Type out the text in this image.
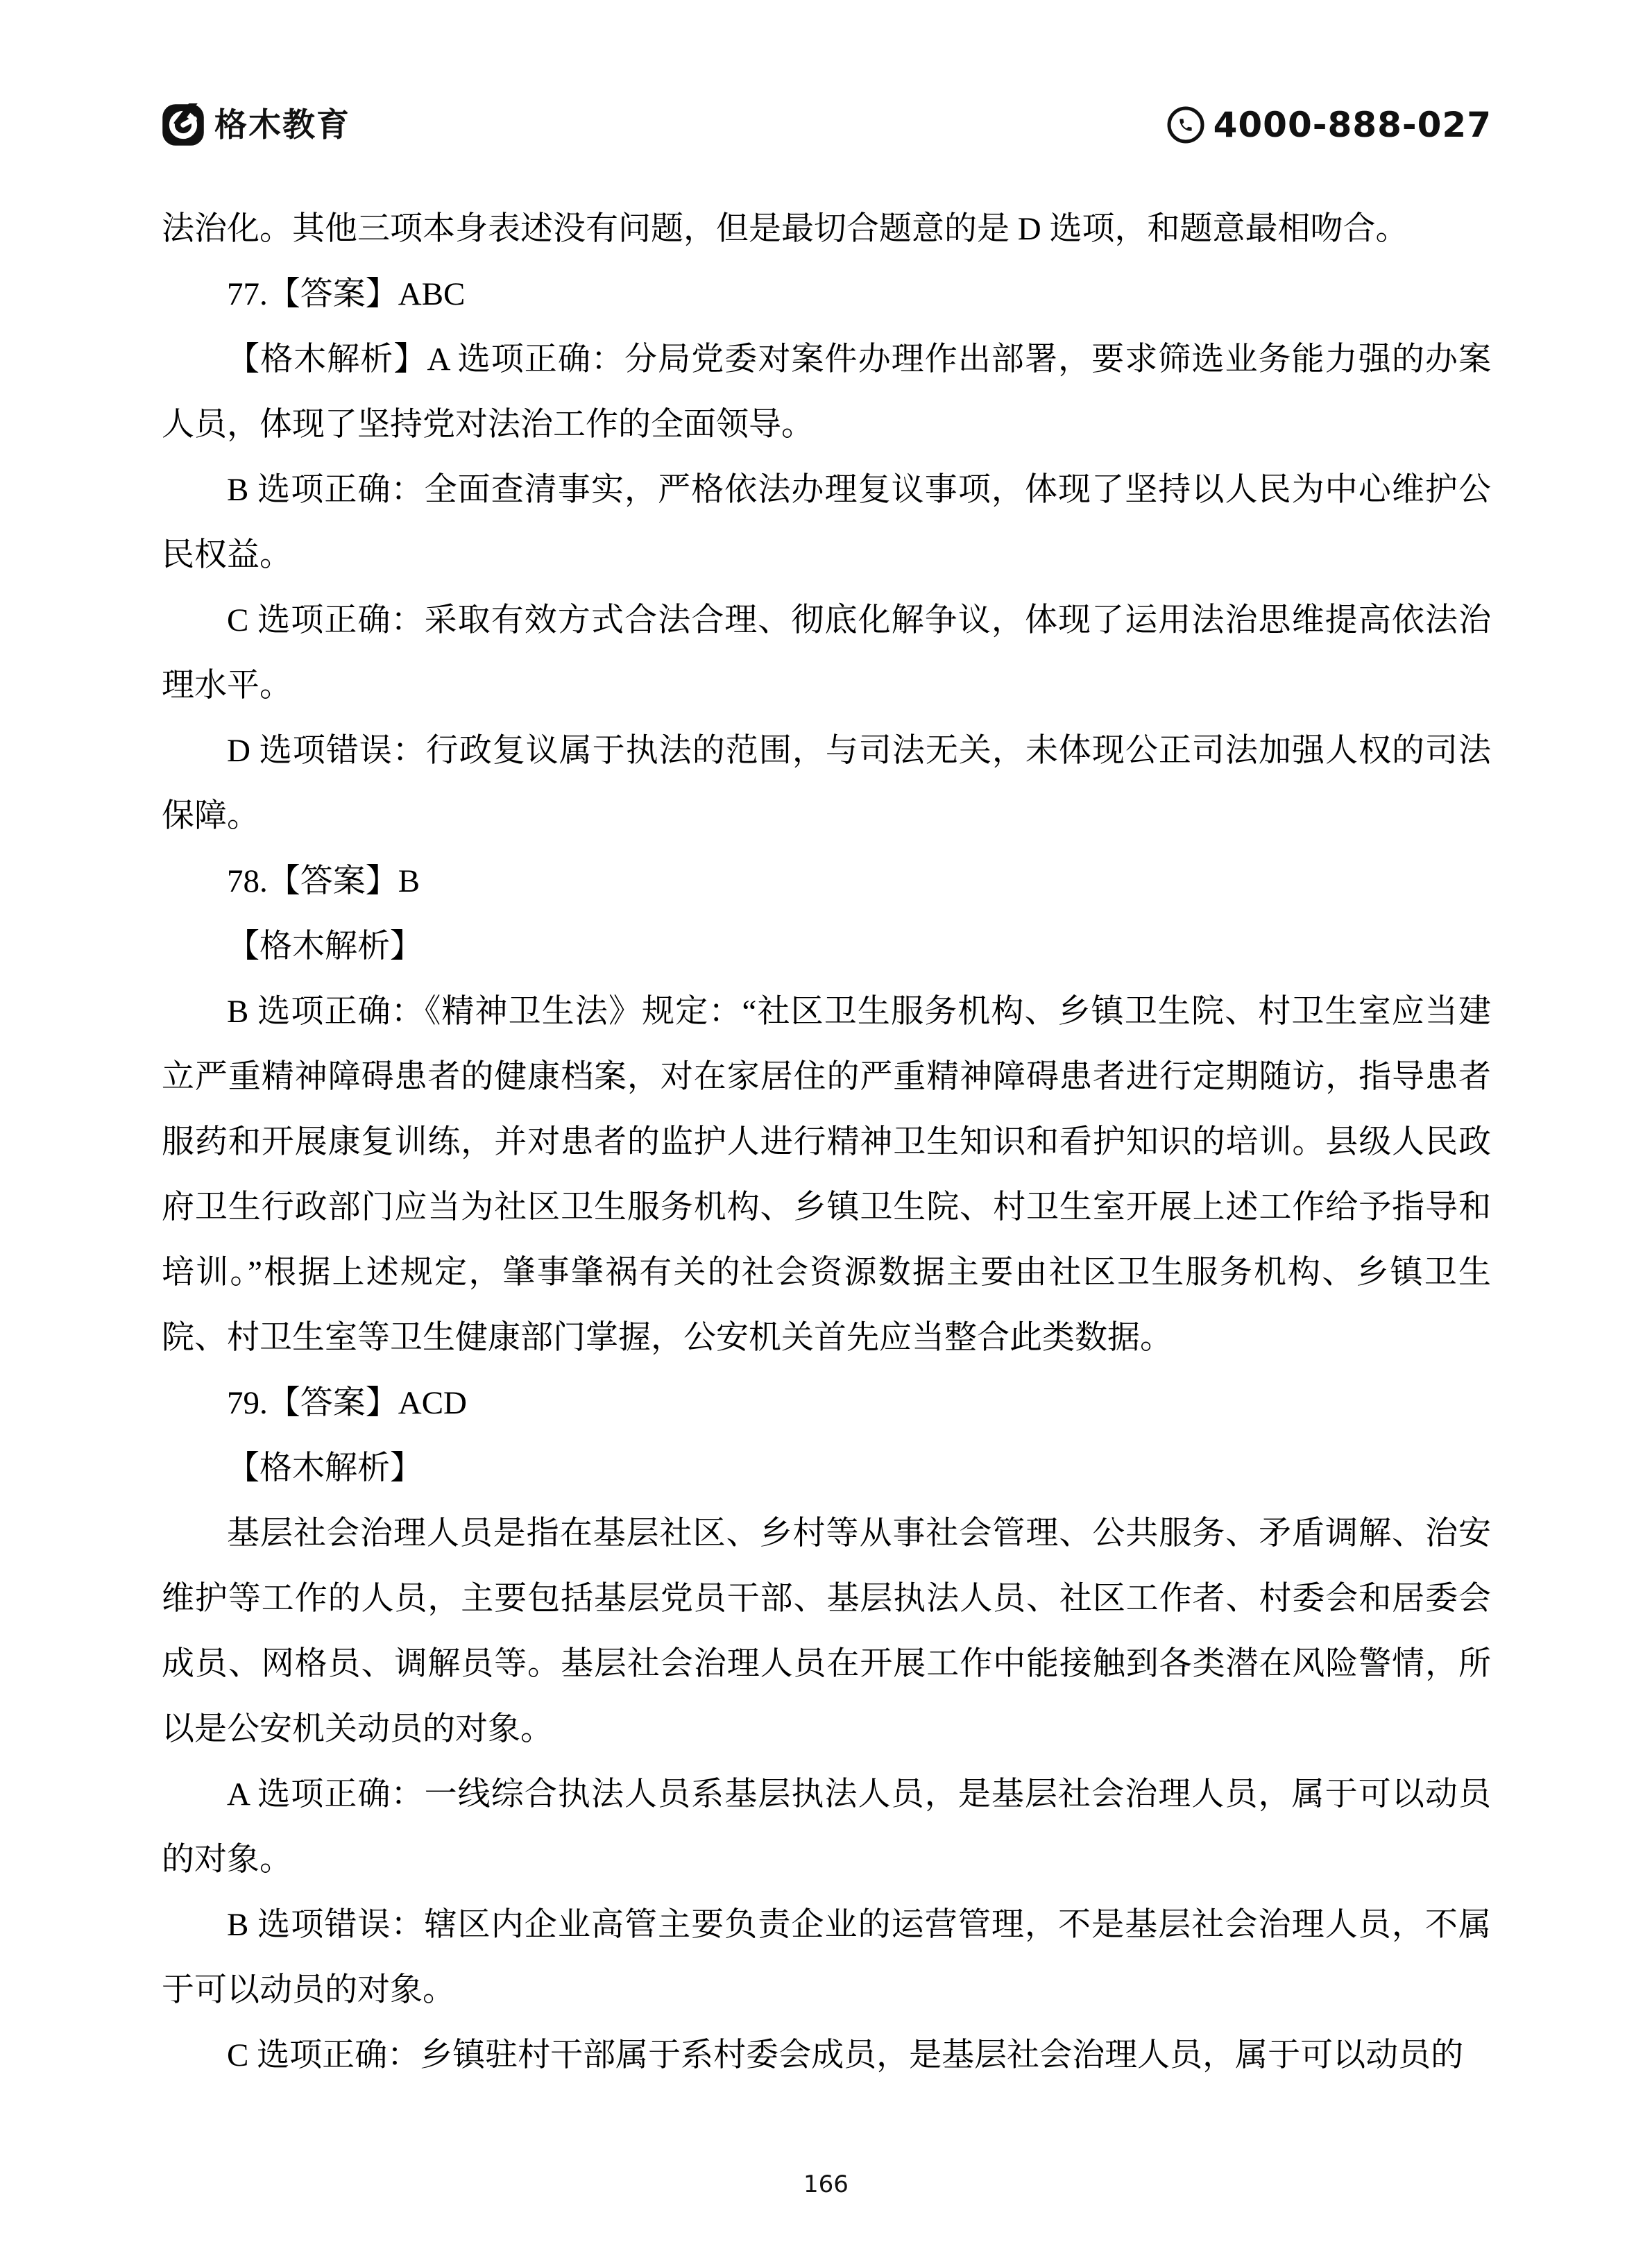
格木教育	4000-888-027

法治化。其他三项本身表述没有问题，但是最切合题意的是 D 选项，和题意最相吻合。

77.【答案】ABC

【格木解析】A 选项正确：分局党委对案件办理作出部署，要求筛选业务能力强的办案人员，体现了坚持党对法治工作的全面领导。

B 选项正确：全面查清事实，严格依法办理复议事项，体现了坚持以人民为中心维护公民权益。

C 选项正确：采取有效方式合法合理、彻底化解争议，体现了运用法治思维提高依法治理水平。

D 选项错误：行政复议属于执法的范围，与司法无关，未体现公正司法加强人权的司法保障。

78.【答案】B

【格木解析】

B 选项正确：《精神卫生法》规定：“社区卫生服务机构、乡镇卫生院、村卫生室应当建立严重精神障碍患者的健康档案，对在家居住的严重精神障碍患者进行定期随访，指导患者服药和开展康复训练，并对患者的监护人进行精神卫生知识和看护知识的培训。县级人民政府卫生行政部门应当为社区卫生服务机构、乡镇卫生院、村卫生室开展上述工作给予指导和培训。”根据上述规定，肇事肇祸有关的社会资源数据主要由社区卫生服务机构、乡镇卫生院、村卫生室等卫生健康部门掌握，公安机关首先应当整合此类数据。

79.【答案】ACD

【格木解析】

基层社会治理人员是指在基层社区、乡村等从事社会管理、公共服务、矛盾调解、治安维护等工作的人员，主要包括基层党员干部、基层执法人员、社区工作者、村委会和居委会成员、网格员、调解员等。基层社会治理人员在开展工作中能接触到各类潜在风险警情，所以是公安机关动员的对象。

A 选项正确：一线综合执法人员系基层执法人员，是基层社会治理人员，属于可以动员的对象。

B 选项错误：辖区内企业高管主要负责企业的运营管理，不是基层社会治理人员，不属于可以动员的对象。

C 选项正确：乡镇驻村干部属于系村委会成员，是基层社会治理人员，属于可以动员的

166
